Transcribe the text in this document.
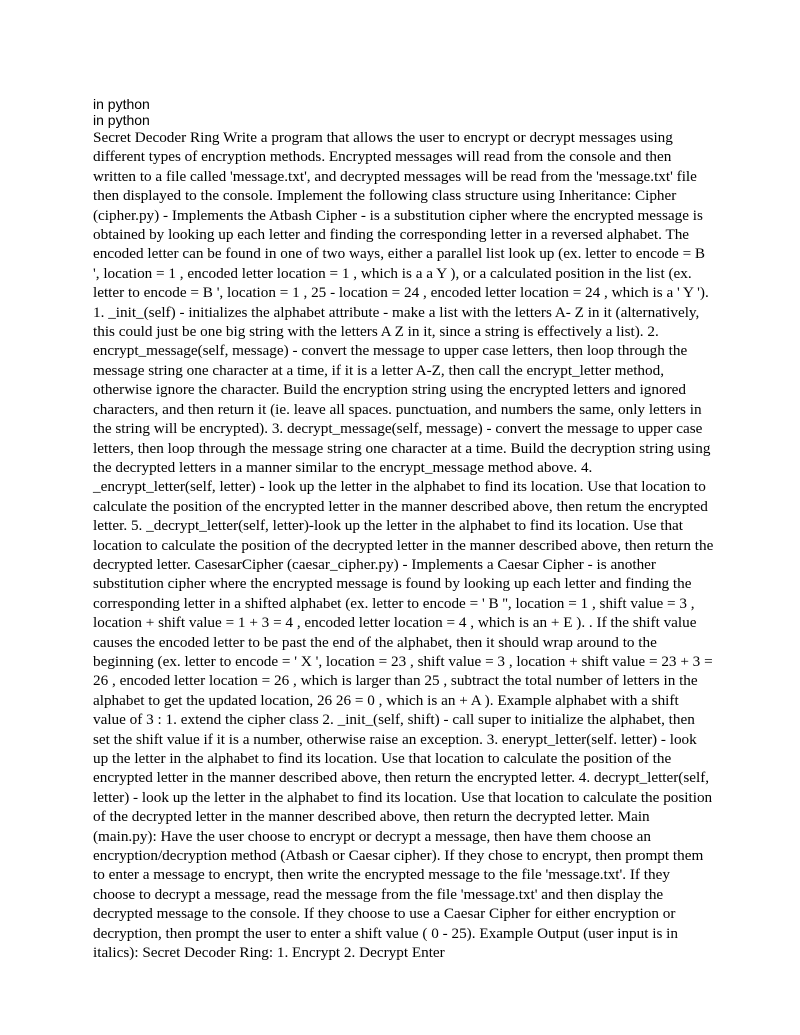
in python
in python

Secret Decoder Ring Write a program that allows the user to encrypt or decrypt messages using different types of encryption methods. Encrypted messages will read from the console and then written to a file called 'message.txt', and decrypted messages will be read from the 'message.txt' file then displayed to the console. Implement the following class structure using Inheritance: Cipher (cipher.py) - Implements the Atbash Cipher - is a substitution cipher where the encrypted message is obtained by looking up each letter and finding the corresponding letter in a reversed alphabet. The encoded letter can be found in one of two ways, either a parallel list look up (ex. letter to encode = B ', location = 1 , encoded letter location = 1 , which is a a Y ), or a calculated position in the list (ex. letter to encode = B ', location = 1 , 25 - location = 24 , encoded letter location = 24 , which is a ' Y '). 1. _init_(self) - initializes the alphabet attribute - make a list with the letters A- Z in it (alternatively, this could just be one big string with the letters A Z in it, since a string is effectively a list). 2. encrypt_message(self, message) - convert the message to upper case letters, then loop through the message string one character at a time, if it is a letter A-Z, then call the encrypt_letter method, otherwise ignore the character. Build the encryption string using the encrypted letters and ignored characters, and then return it (ie. leave all spaces. punctuation, and numbers the same, only letters in the string will be encrypted). 3. decrypt_message(self, message) - convert the message to upper case letters, then loop through the message string one character at a time. Build the decryption string using the decrypted letters in a manner similar to the encrypt_message method above. 4. _encrypt_letter(self, letter) - look up the letter in the alphabet to find its location. Use that location to calculate the position of the encrypted letter in the manner described above, then retum the encrypted letter. 5. _decrypt_letter(self, letter)-look up the letter in the alphabet to find its location. Use that location to calculate the position of the decrypted letter in the manner described above, then return the decrypted letter. CasesarCipher (caesar_cipher.py) - Implements a Caesar Cipher - is another substitution cipher where the encrypted message is found by looking up each letter and finding the corresponding letter in a shifted alphabet (ex. letter to encode = ' B '', location = 1 , shift value = 3 , location + shift value = 1 + 3 = 4 , encoded letter location = 4 , which is an + E ). . If the shift value causes the encoded letter to be past the end of the alphabet, then it should wrap around to the beginning (ex. letter to encode = ' X ', location = 23 , shift value = 3 , location + shift value = 23 + 3 = 26 , encoded letter location = 26 , which is larger than 25 , subtract the total number of letters in the alphabet to get the updated location, 26 26 = 0 , which is an + A ). Example alphabet with a shift value of 3 : 1. extend the cipher class 2. _init_(self, shift) - call super to initialize the alphabet, then set the shift value if it is a number, otherwise raise an exception. 3. enerypt_letter(self. letter) - look up the letter in the alphabet to find its location. Use that location to calculate the position of the encrypted letter in the manner described above, then return the encrypted letter. 4. decrypt_letter(self, letter) - look up the letter in the alphabet to find its location. Use that location to calculate the position of the decrypted letter in the manner described above, then return the decrypted letter. Main (main.py): Have the user choose to encrypt or decrypt a message, then have them choose an encryption/decryption method (Atbash or Caesar cipher). If they chose to encrypt, then prompt them to enter a message to encrypt, then write the encrypted message to the file 'message.txt'. If they choose to decrypt a message, read the message from the file 'message.txt' and then display the decrypted message to the console. If they choose to use a Caesar Cipher for either encryption or decryption, then prompt the user to enter a shift value ( 0 - 25). Example Output (user input is in italics): Secret Decoder Ring: 1. Encrypt 2. Decrypt Enter
